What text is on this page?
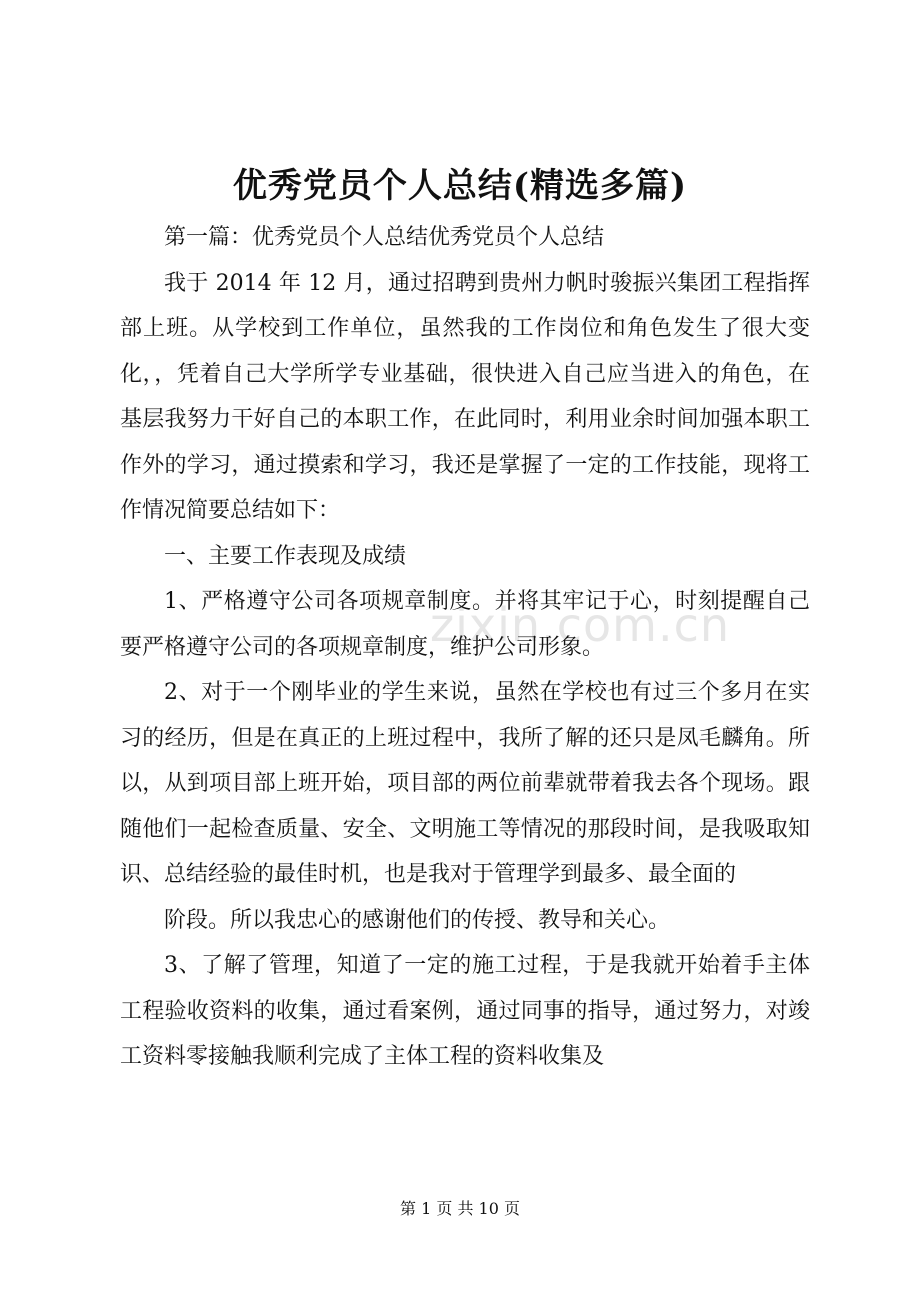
zixin.com.cn
优秀党员个人总结(精选多篇)

第一篇：优秀党员个人总结优秀党员个人总结

我于 2014 年 12 月，通过招聘到贵州力帆时骏振兴集团工程指挥部上班。从学校到工作单位，虽然我的工作岗位和角色发生了很大变化，，凭着自己大学所学专业基础，很快进入自己应当进入的角色，在基层我努力干好自己的本职工作，在此同时，利用业余时间加强本职工作外的学习，通过摸索和学习，我还是掌握了一定的工作技能，现将工作情况简要总结如下：

一、主要工作表现及成绩

1、严格遵守公司各项规章制度。并将其牢记于心，时刻提醒自己要严格遵守公司的各项规章制度，维护公司形象。

2、对于一个刚毕业的学生来说，虽然在学校也有过三个多月在实习的经历，但是在真正的上班过程中，我所了解的还只是凤毛麟角。所以，从到项目部上班开始，项目部的两位前辈就带着我去各个现场。跟随他们一起检查质量、安全、文明施工等情况的那段时间，是我吸取知识、总结经验的最佳时机，也是我对于管理学到最多、最全面的

阶段。所以我忠心的感谢他们的传授、教导和关心。

3、了解了管理，知道了一定的施工过程，于是我就开始着手主体工程验收资料的收集，通过看案例，通过同事的指导，通过努力，对竣工资料零接触我顺利完成了主体工程的资料收集及

第 1 页 共 10 页
